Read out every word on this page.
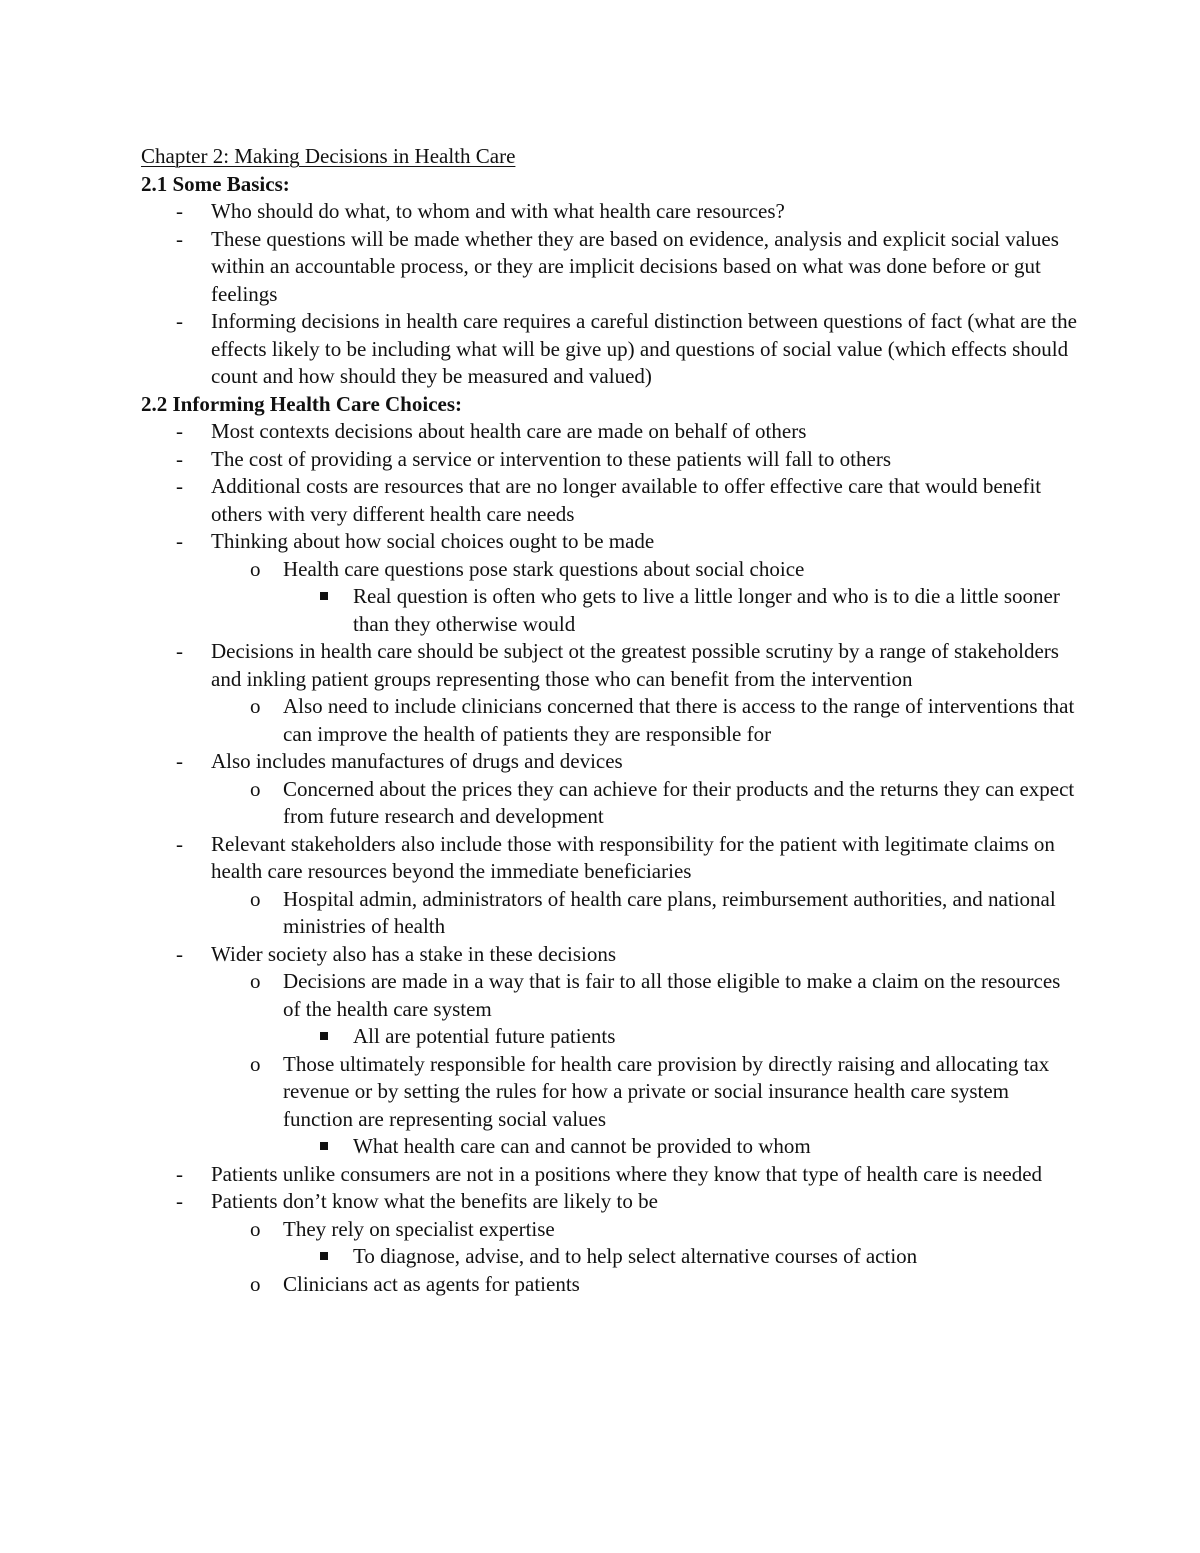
Chapter 2: Making Decisions in Health Care
2.1 Some Basics:
- Who should do what, to whom and with what health care resources?
- These questions will be made whether they are based on evidence, analysis and explicit social values within an accountable process, or they are implicit decisions based on what was done before or gut feelings
- Informing decisions in health care requires a careful distinction between questions of fact (what are the effects likely to be including what will be give up) and questions of social value (which effects should count and how should they be measured and valued)
2.2 Informing Health Care Choices:
- Most contexts decisions about health care are made on behalf of others
- The cost of providing a service or intervention to these patients will fall to others
- Additional costs are resources that are no longer available to offer effective care that would benefit others with very different health care needs
- Thinking about how social choices ought to be made
o Health care questions pose stark questions about social choice
Real question is often who gets to live a little longer and who is to die a little sooner than they otherwise would
- Decisions in health care should be subject ot the greatest possible scrutiny by a range of stakeholders and inkling patient groups representing those who can benefit from the intervention
o Also need to include clinicians concerned that there is access to the range of interventions that can improve the health of patients they are responsible for
- Also includes manufactures of drugs and devices
o Concerned about the prices they can achieve for their products and the returns they can expect from future research and development
- Relevant stakeholders also include those with responsibility for the patient with legitimate claims on health care resources beyond the immediate beneficiaries
o Hospital admin, administrators of health care plans, reimbursement authorities, and national ministries of health
- Wider society also has a stake in these decisions
o Decisions are made in a way that is fair to all those eligible to make a claim on the resources of the health care system
All are potential future patients
o Those ultimately responsible for health care provision by directly raising and allocating tax revenue or by setting the rules for how a private or social insurance health care system function are representing social values
What health care can and cannot be provided to whom
- Patients unlike consumers are not in a positions where they know that type of health care is needed
- Patients don’t know what the benefits are likely to be
o They rely on specialist expertise
To diagnose, advise, and to help select alternative courses of action
o Clinicians act as agents for patients
